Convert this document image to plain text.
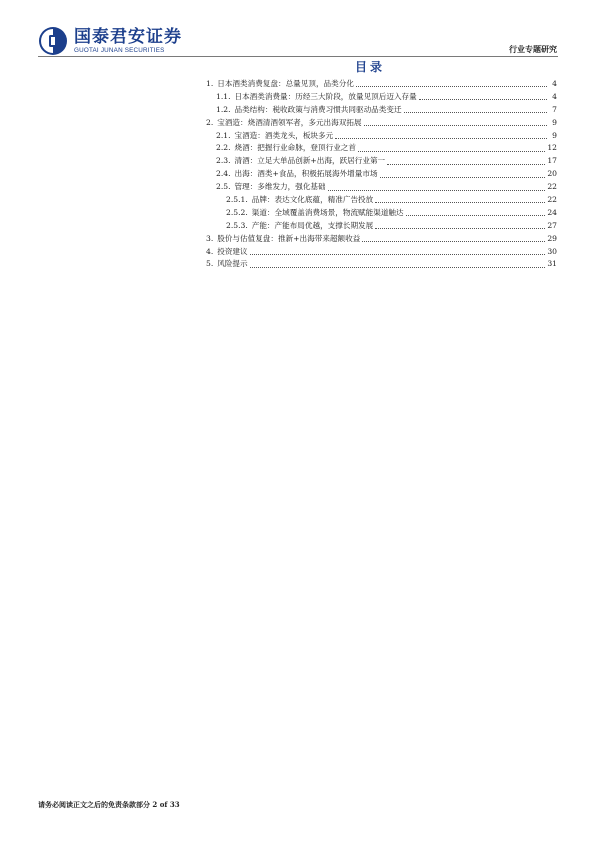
国泰君安证券
GUOTAI JUNAN SECURITIES	行业专题研究
目录
1. 日本酒类消费复盘：总量见顶，品类分化	4
1.1. 日本酒类消费量：历经三大阶段，放量见顶后迈入存量	4
1.2. 品类结构：税收政策与消费习惯共同驱动品类变迁	7
2. 宝酒造：烧酒清酒领军者，多元出海双拓展	9
2.1. 宝酒造：酒类龙头，板块多元	9
2.2. 烧酒：把握行业命脉，登顶行业之首	12
2.3. 清酒：立足大单品创新+出海，跃居行业第一	17
2.4. 出海：酒类+食品，积极拓展海外增量市场	20
2.5. 管理：多维发力，强化基础	22
2.5.1. 品牌：表达文化底蕴，精准广告投放	22
2.5.2. 渠道：全域覆盖消费场景，物流赋能渠道触达	24
2.5.3. 产能：产能布局优越，支撑长期发展	27
3. 股价与估值复盘：推新+出海带来超额收益	29
4. 投资建议	30
5. 风险提示	31
请务必阅读正文之后的免责条款部分 2 of 33
